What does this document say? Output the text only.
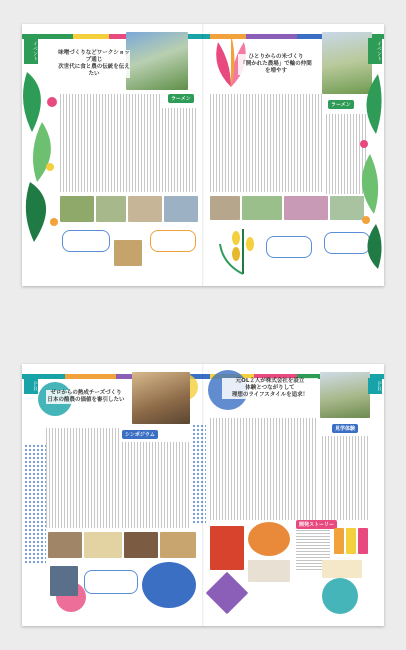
イベント	味噌づくりなどワークショップ通じ
次世代に食と農の伝統を伝えたい
ラーメン
ひとりからの米づくり
「開かれた農場」で輪の仲間を増やす
イベント
ラーメン
ＰＲ
ゼロからの熱成チーズづくり
日本の酪農の価値を審引したい
シンポジウム
元OL２人が株式会社を設立
体験とつながりして
理想のライフスタイルを追求！
ＰＲ
見学体験
開発ストーリー
